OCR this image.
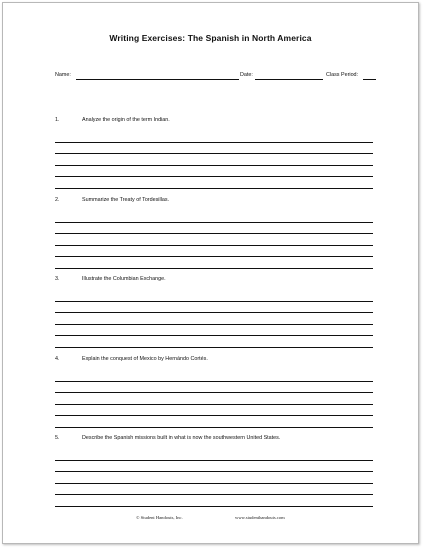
Writing Exercises: The Spanish in North America
Name:	Date:	Class Period:
1.	Analyze the origin of the term Indian.
2.	Summarize the Treaty of Tordesillas.
3.	Illustrate the Columbian Exchange.
4.	Explain the conquest of Mexico by Hernándo Cortés.
5.	Describe the Spanish missions built in what is now the southwestern United States.
© Student Handouts, Inc.	www.studenthandouts.com
